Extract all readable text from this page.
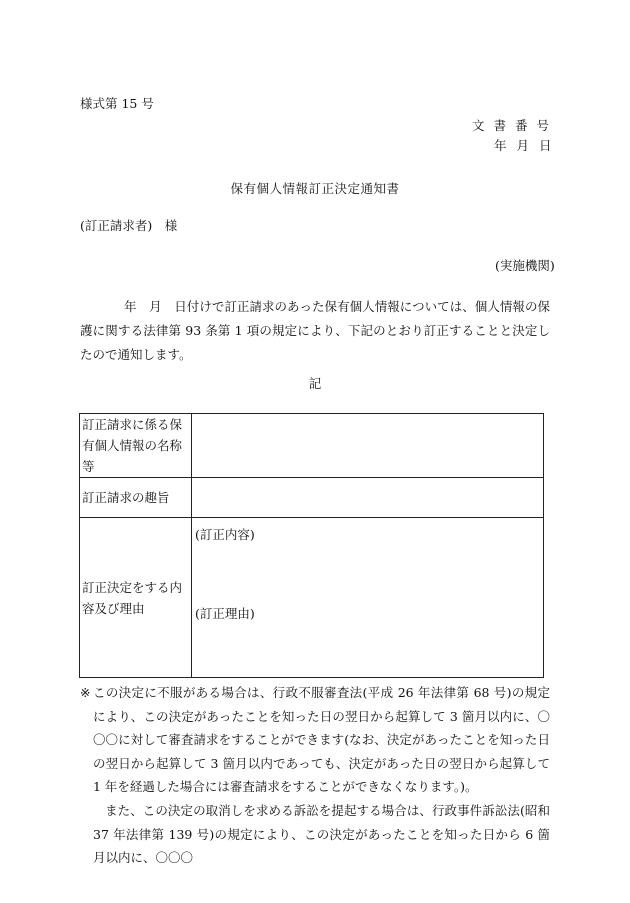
様式第 15 号
文書番号
年月日
保有個人情報訂正決定通知書
(訂正請求者)　様
(実施機関)
年　月　日付けで訂正請求のあった保有個人情報については、個人情報の保護に関する法律第 93 条第 1 項の規定により、下記のとおり訂正することと決定したので通知します。
記
訂正請求に係る保有個人情報の名称等	
訂正請求の趣旨	
訂正決定をする内容及び理由	(訂正内容)
(訂正理由)
※ この決定に不服がある場合は、行政不服審査法(平成 26 年法律第 68 号)の規定により、この決定があったことを知った日の翌日から起算して 3 箇月以内に、〇〇〇に対して審査請求をすることができます(なお、決定があったことを知った日の翌日から起算して 3 箇月以内であっても、決定があった日の翌日から起算して 1 年を経過した場合には審査請求をすることができなくなります。)。
また、この決定の取消しを求める訴訟を提起する場合は、行政事件訴訟法(昭和 37 年法律第 139 号)の規定により、この決定があったことを知った日から 6 箇月以内に、〇〇〇
